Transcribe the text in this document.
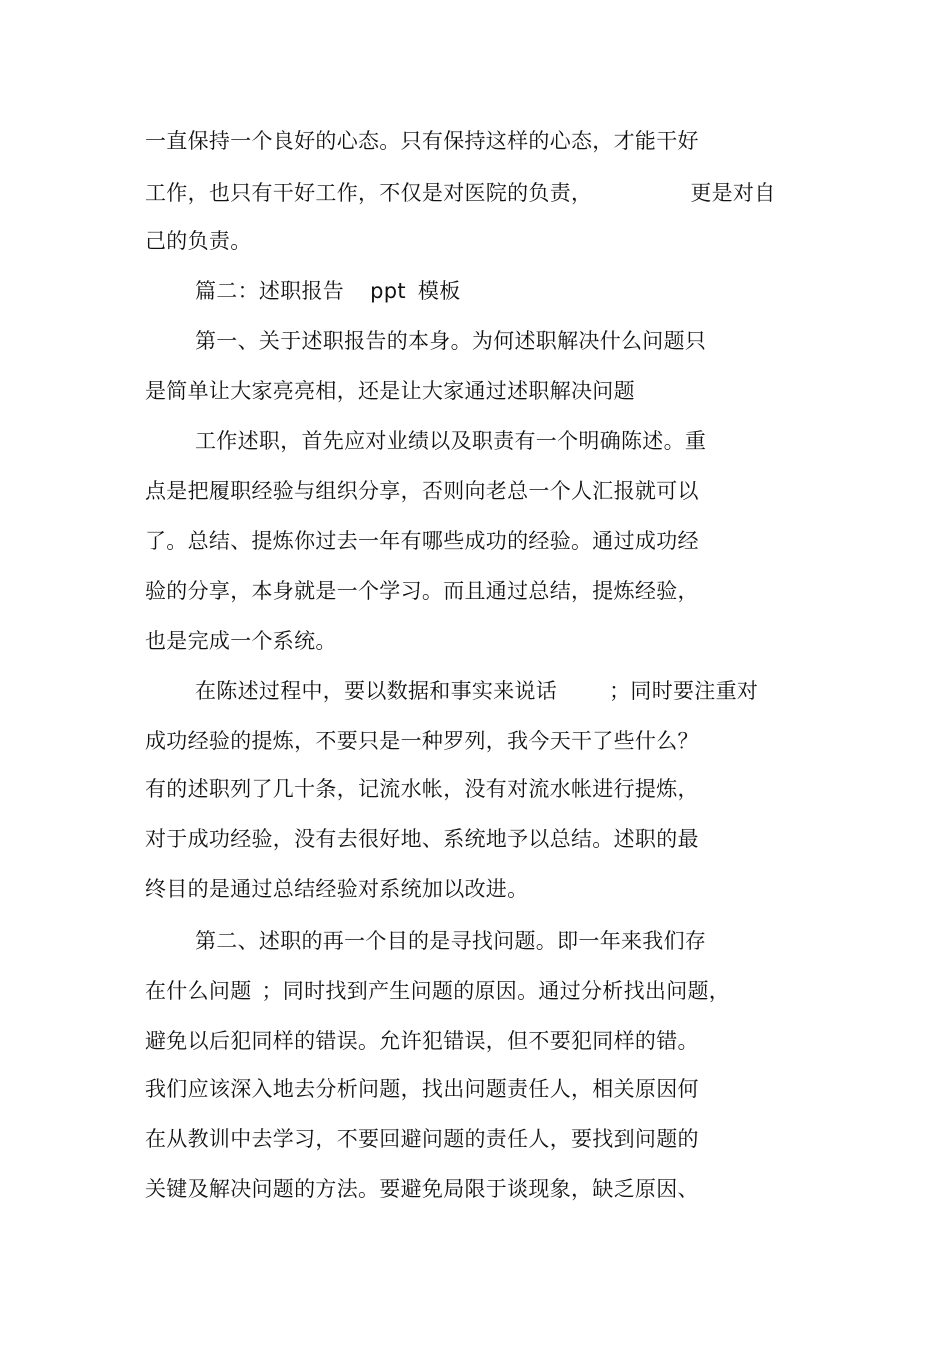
一直保持一个良好的心态。只有保持这样的心态，才能干好
工作，也只有干好工作，不仅是对医院的负责，	更是对自
己的负责。
篇二：述职报告 ppt 模板
第一、关于述职报告的本身。为何述职解决什么问题只
是简单让大家亮亮相，还是让大家通过述职解决问题
工作述职，首先应对业绩以及职责有一个明确陈述。重
点是把履职经验与组织分享，否则向老总一个人汇报就可以
了。总结、提炼你过去一年有哪些成功的经验。通过成功经
验的分享，本身就是一个学习。而且通过总结，提炼经验，
也是完成一个系统。
在陈述过程中，要以数据和事实来说话 ；同时要注重对
成功经验的提炼，不要只是一种罗列，我今天干了些什么？
有的述职列了几十条，记流水帐，没有对流水帐进行提炼，
对于成功经验，没有去很好地、系统地予以总结。述职的最
终目的是通过总结经验对系统加以改进。
第二、述职的再一个目的是寻找问题。即一年来我们存
在什么问题 ；同时找到产生问题的原因。通过分析找出问题，
避免以后犯同样的错误。允许犯错误，但不要犯同样的错。
我们应该深入地去分析问题，找出问题责任人，相关原因何
在从教训中去学习，不要回避问题的责任人，要找到问题的
关键及解决问题的方法。要避免局限于谈现象，缺乏原因、
